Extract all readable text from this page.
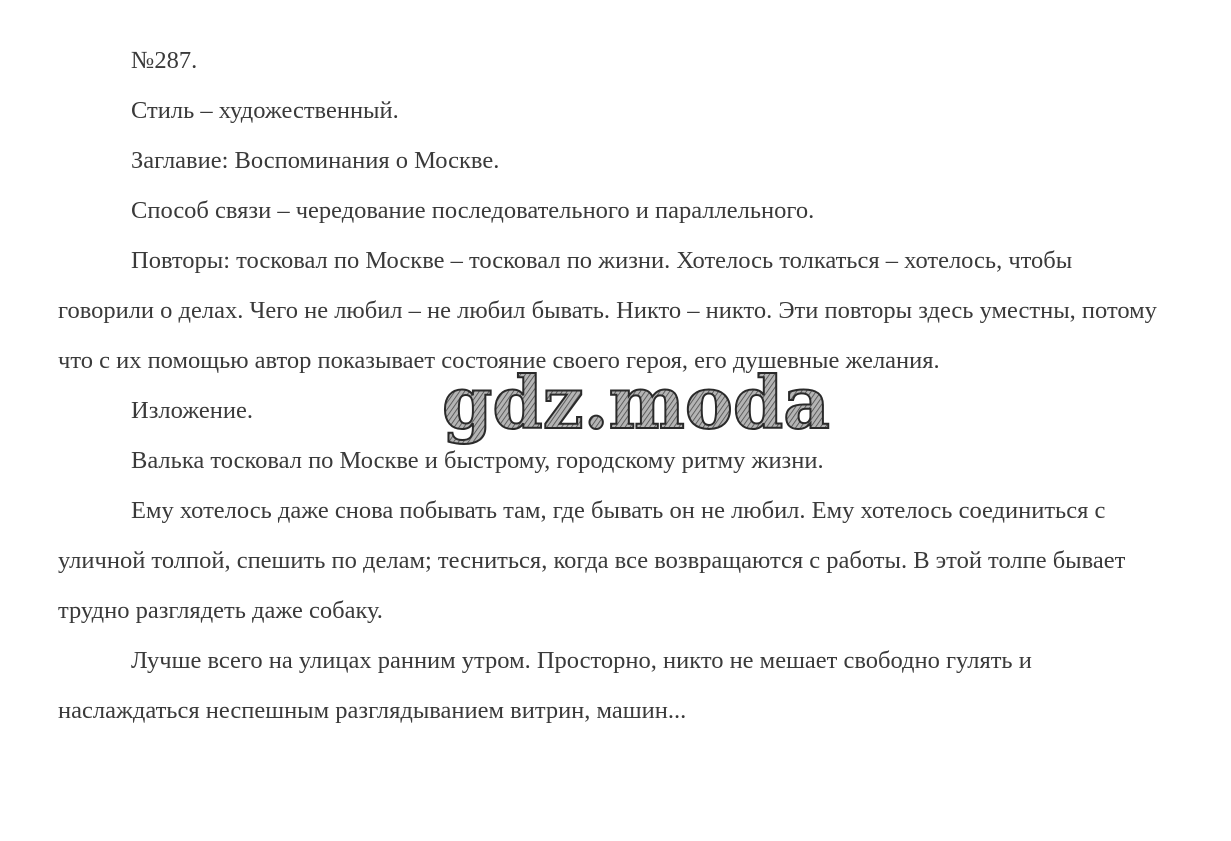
№287.

Стиль – художественный.

Заглавие: Воспоминания о Москве.

Способ связи – чередование последовательного и параллельного.

Повторы: тосковал по Москве – тосковал по жизни. Хотелось толкаться – хотелось, чтобы говорили о делах. Чего не любил – не любил бывать. Никто – никто. Эти повторы здесь уместны, потому что с их помощью автор показывает состояние своего героя, его душевные желания.

Изложение.

Валька тосковал по Москве и быстрому, городскому ритму жизни.

Ему хотелось даже снова побывать там, где бывать он не любил. Ему хотелось соединиться с уличной толпой, спешить по делам; тесниться, когда все возвращаются с работы. В этой толпе бывает трудно разглядеть даже собаку.

Лучше всего на улицах ранним утром. Просторно, никто не мешает свободно гулять и наслаждаться неспешным разглядыванием витрин, машин...

gdz.moda
